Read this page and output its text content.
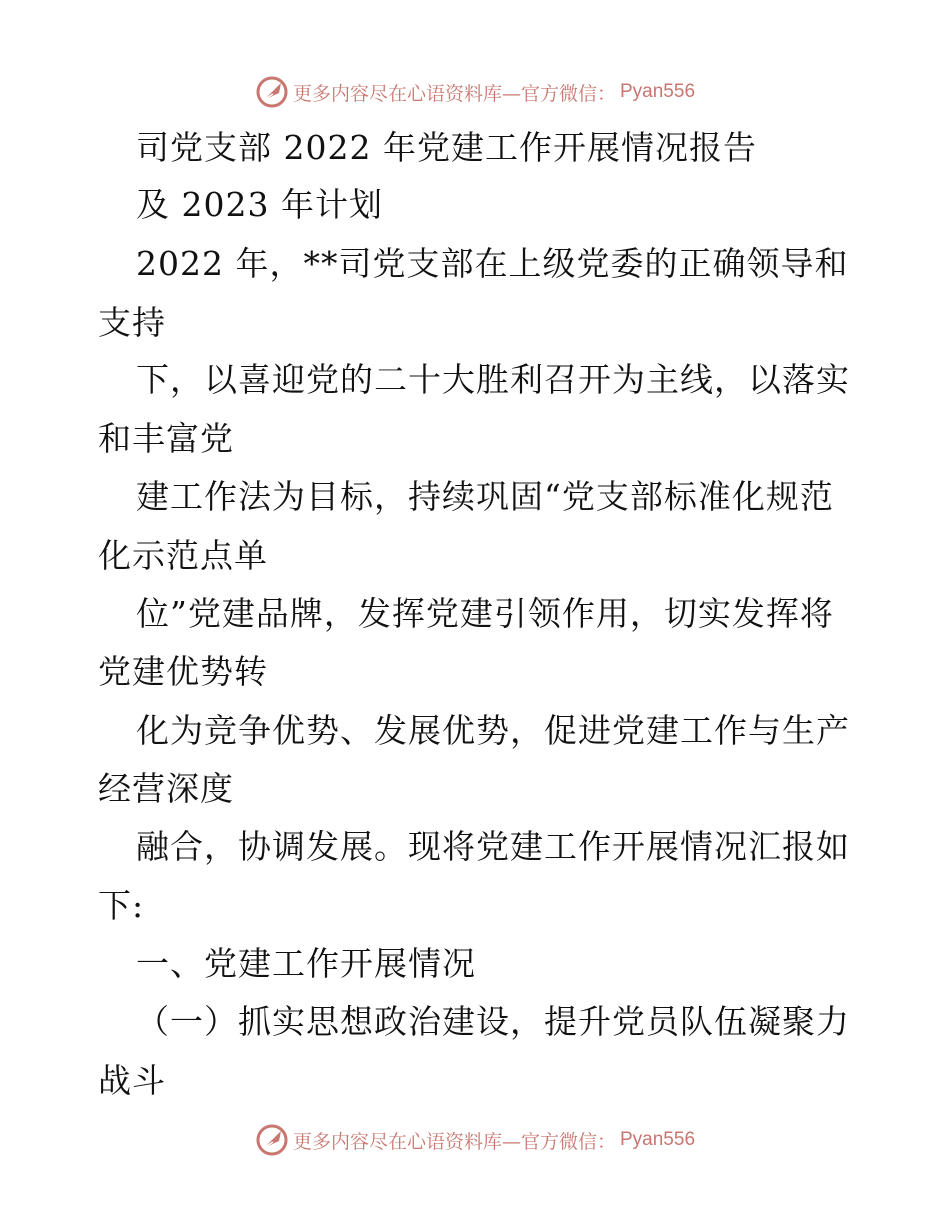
更多内容尽在心语资料库—官方微信： Pyan556

司党支部 2022 年党建工作开展情况报告

及 2023 年计划

2022 年，**司党支部在上级党委的正确领导和

支持

下，以喜迎党的二十大胜利召开为主线，以落实

和丰富党

建工作法为目标，持续巩固“党支部标准化规范

化示范点单

位”党建品牌，发挥党建引领作用，切实发挥将

党建优势转

化为竞争优势、发展优势，促进党建工作与生产

经营深度

融合，协调发展。现将党建工作开展情况汇报如

下:

一、党建工作开展情况

（一）抓实思想政治建设，提升党员队伍凝聚力

战斗

更多内容尽在心语资料库—官方微信： Pyan556
